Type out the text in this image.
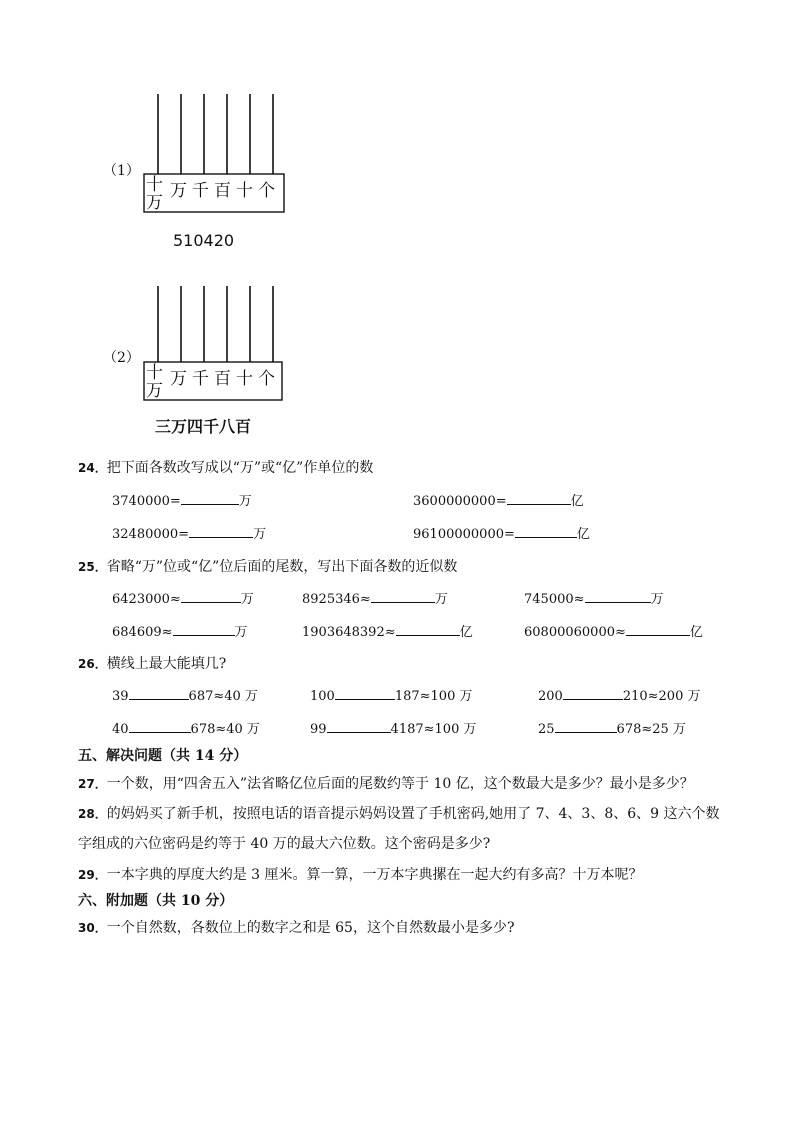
（1）
十
万
万千百十个
510420
（2）
十
万
万千百十个
三万四千八百
24．把下面各数改写成以“万”或“亿”作单位的数
3740000=	万	3600000000=	亿
32480000=	万	96100000000=	亿
25．省略“万”位或“亿”位后面的尾数，写出下面各数的近似数
6423000≈	万	8925346≈	万	745000≈	万
684609≈	万	1903648392≈	亿	60800060000≈	亿
26．横线上最大能填几?
39	687≈40 万	100	187≈100 万	200	210≈200 万
40	678≈40 万	99	4187≈100 万	25	678≈25 万
五、解决问题（共 14 分）
27．一个数，用“四舍五入”法省略亿位后面的尾数约等于 10 亿，这个数最大是多少？最小是多少？
28．的妈妈买了新手机，按照电话的语音提示妈妈设置了手机密码,她用了 7、4、3、8、6、9 这六个数
字组成的六位密码是约等于 40 万的最大六位数。这个密码是多少?
29．一本字典的厚度大约是 3 厘米。算一算，一万本字典摞在一起大约有多高？十万本呢？
六、附加题（共 10 分）
30．一个自然数，各数位上的数字之和是 65，这个自然数最小是多少?
